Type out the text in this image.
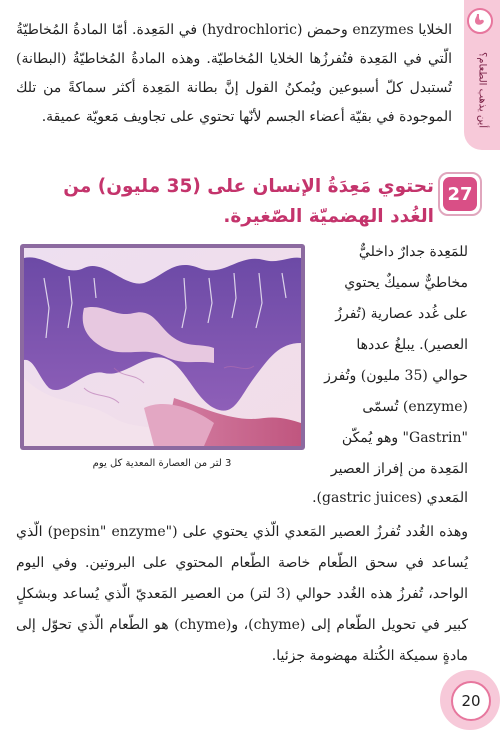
أين يذهب الطعام؟
الخلايا enzymes وحمض (hydrochloric) في المَعِدة. أمّا المادةُ المُخاطيّةُ الّتي في المَعِدة فتُفرزُها الخلايا المُخاطيّة. وهذه المادةُ المُخاطيّةُ (البطانة) تُستبدل كلّ أسبوعين ويُمكنُ القول إنَّ بطانة المَعِدة أكثر سماكةً من تلك الموجودة في بقيّة أعضاء الجسم لأنّها تحتوي على تجاويف مَعويّة عميقة.
27
تحتوي مَعِدَةُ الإنسان على (35 مليون) من الغُدد الهضميّة الصّغيرة.
3 لتر من العصارة المعدية كل يوم
للمَعِدة جدارٌ داخليٌّ مخاطيٌّ سميكٌ يحتوي على غُدد عصارية (تُفرزُ العصير). يبلغُ عددها حوالي (35 مليون) وتُفرز (enzyme) تُسمّى "Gastrin" وهو يُمكّن المَعِدة من إفراز العصير
المَعدي (gastric juices).
وهذه الغُدد تُفرزُ العصير المَعدي الّذي يحتوي على ("pepsin" enzyme) الّذي يُساعد في سحق الطّعام خاصة الطّعام المحتوي على البروتين. وفي اليوم الواحد، تُفرزُ هذه الغُدد حوالي (3 لتر) من العصير المَعديّ الّذي يُساعد وبشكلٍ كبير في تحويل الطّعام إلى (chyme)، و(chyme) هو الطّعام الّذي تحوّل إلى مادةٍ سميكة الكُتلة مهضومة جزئيا.
20
